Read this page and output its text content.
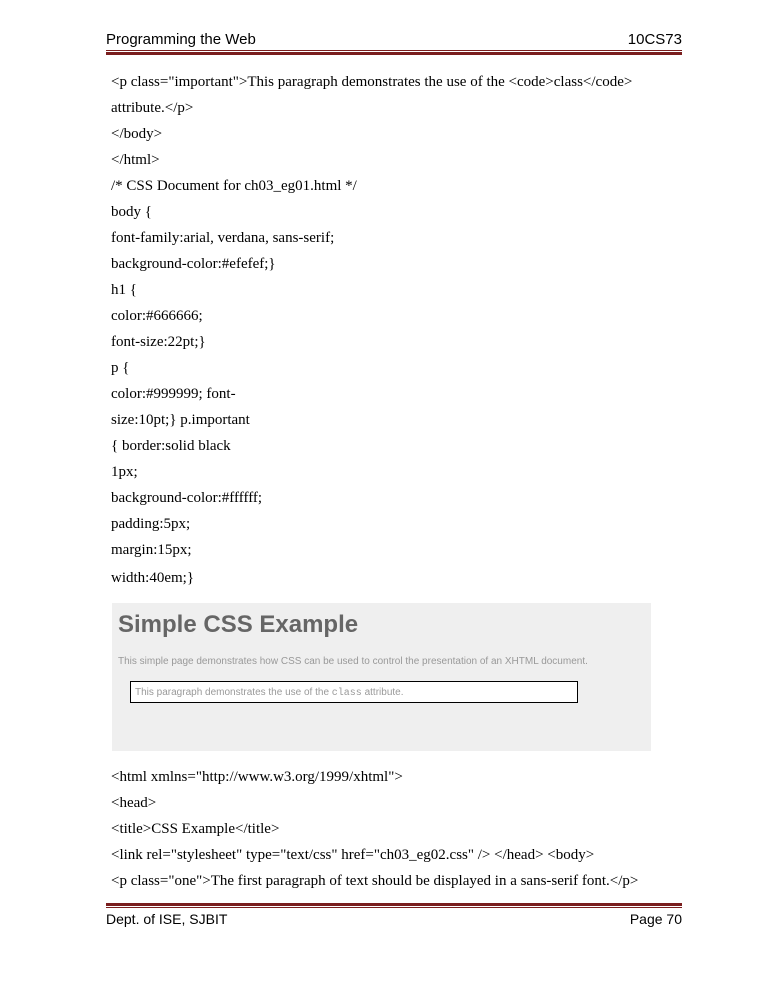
Programming the Web	10CS73
<p class="important">This paragraph demonstrates the use of the <code>class</code>
attribute.</p>
</body>
</html>
/* CSS Document for ch03_eg01.html */
body {
font-family:arial, verdana, sans-serif;
background-color:#efefef;}
h1 {
color:#666666;
font-size:22pt;}
p {
color:#999999; font-
size:10pt;} p.important
{ border:solid black
1px;
background-color:#ffffff;
padding:5px;
margin:15px;
width:40em;}
Simple CSS Example
This simple page demonstrates how CSS can be used to control the presentation of an XHTML document.
This paragraph demonstrates the use of the class attribute.
<html xmlns="http://www.w3.org/1999/xhtml">
<head>
<title>CSS Example</title>
<link rel="stylesheet" type="text/css" href="ch03_eg02.css" /> </head> <body>
<p class="one">The first paragraph of text should be displayed in a sans-serif font.</p>
Dept. of ISE, SJBIT	Page 70
